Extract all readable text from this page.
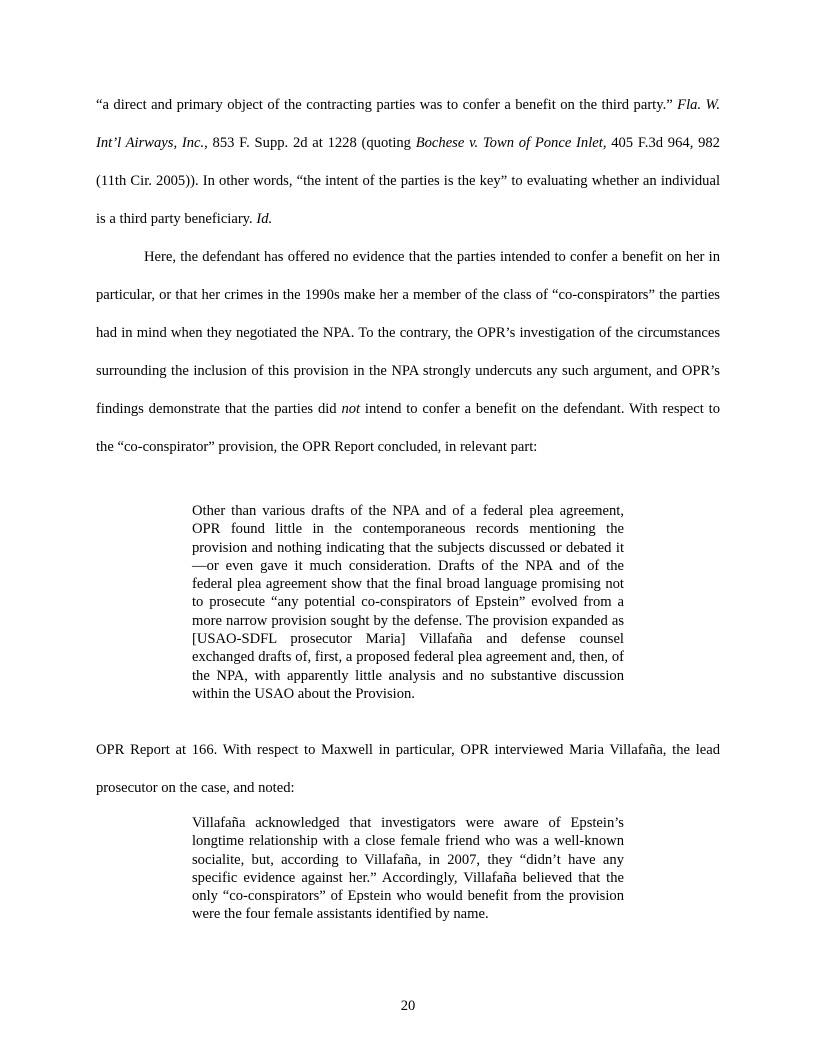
“a direct and primary object of the contracting parties was to confer a benefit on the third party.” Fla. W. Int’l Airways, Inc., 853 F. Supp. 2d at 1228 (quoting Bochese v. Town of Ponce Inlet, 405 F.3d 964, 982 (11th Cir. 2005)). In other words, “the intent of the parties is the key” to evaluating whether an individual is a third party beneficiary. Id.

Here, the defendant has offered no evidence that the parties intended to confer a benefit on her in particular, or that her crimes in the 1990s make her a member of the class of “co-conspirators” the parties had in mind when they negotiated the NPA. To the contrary, the OPR’s investigation of the circumstances surrounding the inclusion of this provision in the NPA strongly undercuts any such argument, and OPR’s findings demonstrate that the parties did not intend to confer a benefit on the defendant. With respect to the “co-conspirator” provision, the OPR Report concluded, in relevant part:

Other than various drafts of the NPA and of a federal plea agreement, OPR found little in the contemporaneous records mentioning the provision and nothing indicating that the subjects discussed or debated it—or even gave it much consideration. Drafts of the NPA and of the federal plea agreement show that the final broad language promising not to prosecute “any potential co-conspirators of Epstein” evolved from a more narrow provision sought by the defense. The provision expanded as [USAO-SDFL prosecutor Maria] Villafaña and defense counsel exchanged drafts of, first, a proposed federal plea agreement and, then, of the NPA, with apparently little analysis and no substantive discussion within the USAO about the Provision.

OPR Report at 166. With respect to Maxwell in particular, OPR interviewed Maria Villafaña, the lead prosecutor on the case, and noted:

Villafaña acknowledged that investigators were aware of Epstein’s longtime relationship with a close female friend who was a well-known socialite, but, according to Villafaña, in 2007, they “didn’t have any specific evidence against her.” Accordingly, Villafaña believed that the only “co-conspirators” of Epstein who would benefit from the provision were the four female assistants identified by name.

20
